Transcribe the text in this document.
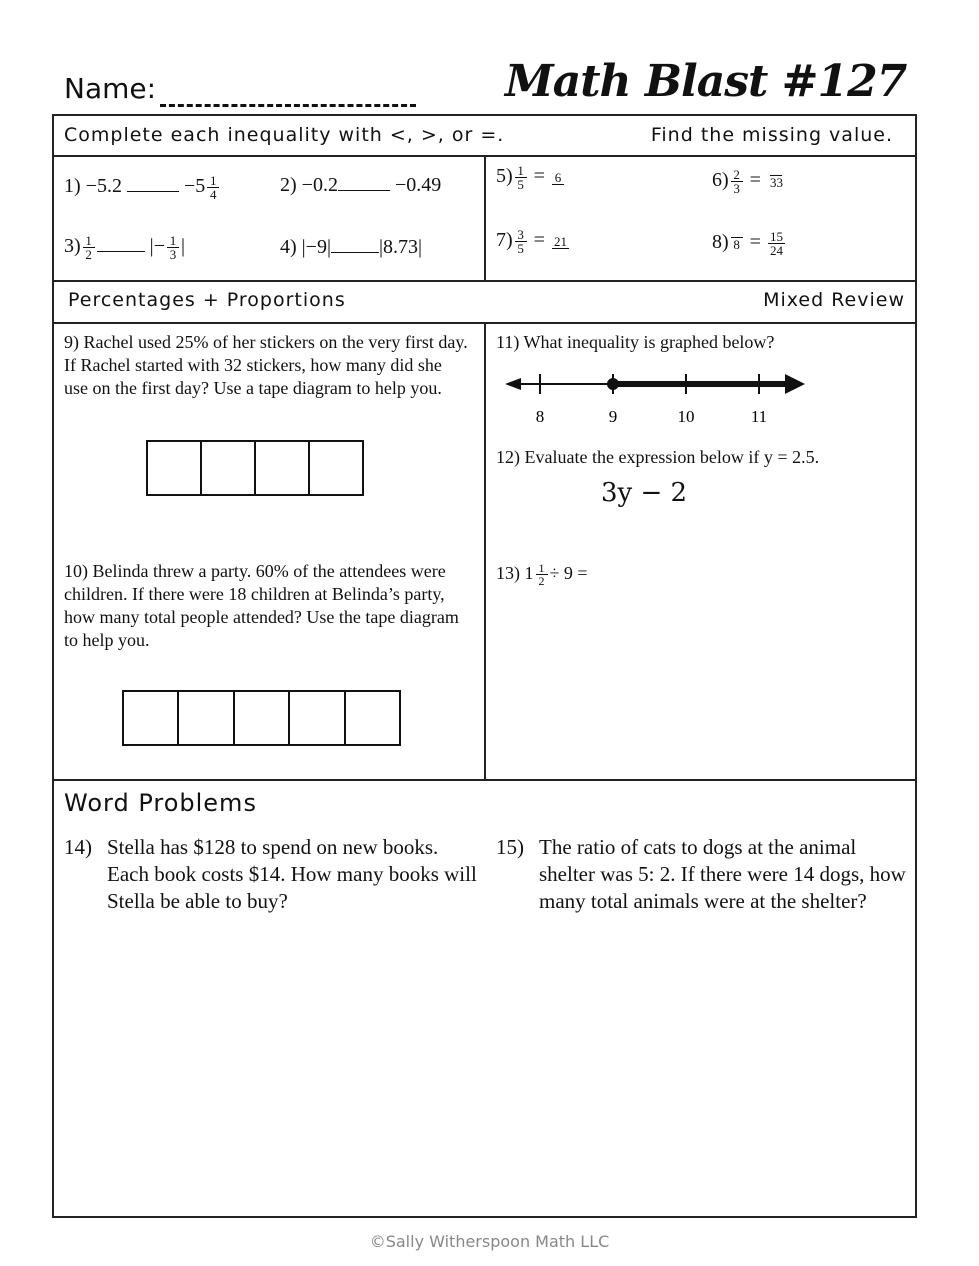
Name:	Math Blast #127
Complete each inequality with <, >, or =.	Find the missing value.
Percentages + Proportions	Mixed Review
Word Problems
1) −5.2	$-5 \frac{1}{4}$	2) −0.2	−0.49
$3) \frac{1}{2}$	|− $\frac{1}{3}$ |	4) |−9| |8.73|
$5) \frac{1}{5} = 6$	$6) \frac{2}{3} = 33$
$7) \frac{3}{5} = 21$	8) $8 = \frac{15}{24}$
9) Rachel used 25% of her stickers on the very first day. If Rachel started with 32 stickers, how many did she use on the first day? Use a tape diagram to help you.
10) Belinda threw a party. 60% of the attendees were children. If there were 18 children at Belinda’s party, how many total people attended? Use the tape diagram to help you.
11) What inequality is graphed below?
8	9	10	11
12) Evaluate the expression below if y = 2.5.
3y − 2
13) $1 \frac{1}{2} \div 9$ =
14) Stella has $128 to spend on new books. Each book costs $14. How many books will Stella be able to buy?
15) The ratio of cats to dogs at the animal shelter was 5: 2. If there were 14 dogs, how many total animals were at the shelter?
©Sally Witherspoon Math LLC
